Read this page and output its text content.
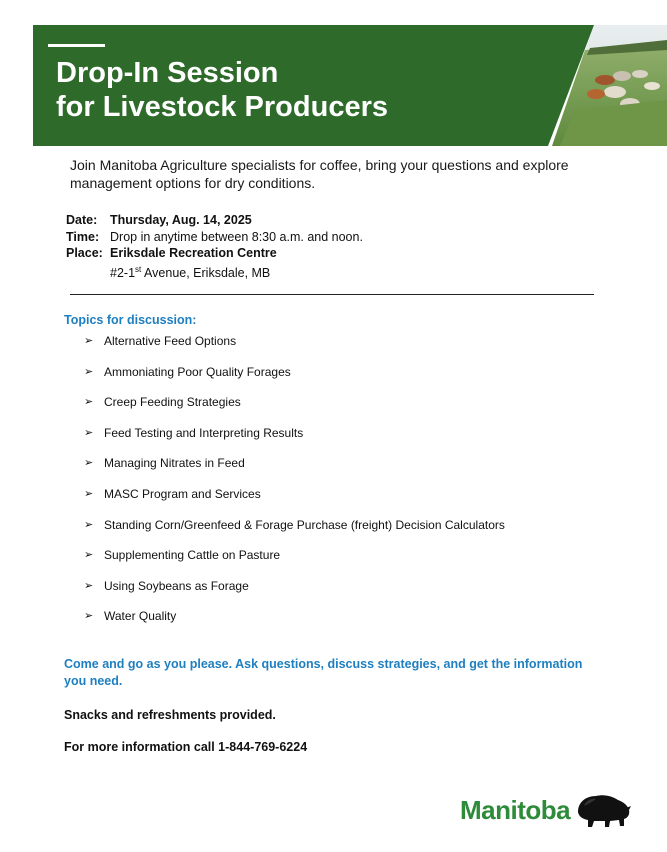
Drop-In Session
for Livestock Producers
Join Manitoba Agriculture specialists for coffee, bring your questions and explore management options for dry conditions.
Date:	Thursday, Aug. 14, 2025
Time: Drop in anytime between 8:30 a.m. and noon.
Place: Eriksdale Recreation Centre
#2-1st Avenue, Eriksdale, MB
Topics for discussion:
➢ Alternative Feed Options
➢ Ammoniating Poor Quality Forages
➢ Creep Feeding Strategies
➢ Feed Testing and Interpreting Results
➢ Managing Nitrates in Feed
➢ MASC Program and Services
➢ Standing Corn/Greenfeed & Forage Purchase (freight) Decision Calculators
➢ Supplementing Cattle on Pasture
➢ Using Soybeans as Forage
➢ Water Quality
Come and go as you please. Ask questions, discuss strategies, and get the information you need.
Snacks and refreshments provided.
For more information call 1-844-769-6224
Manitoba
